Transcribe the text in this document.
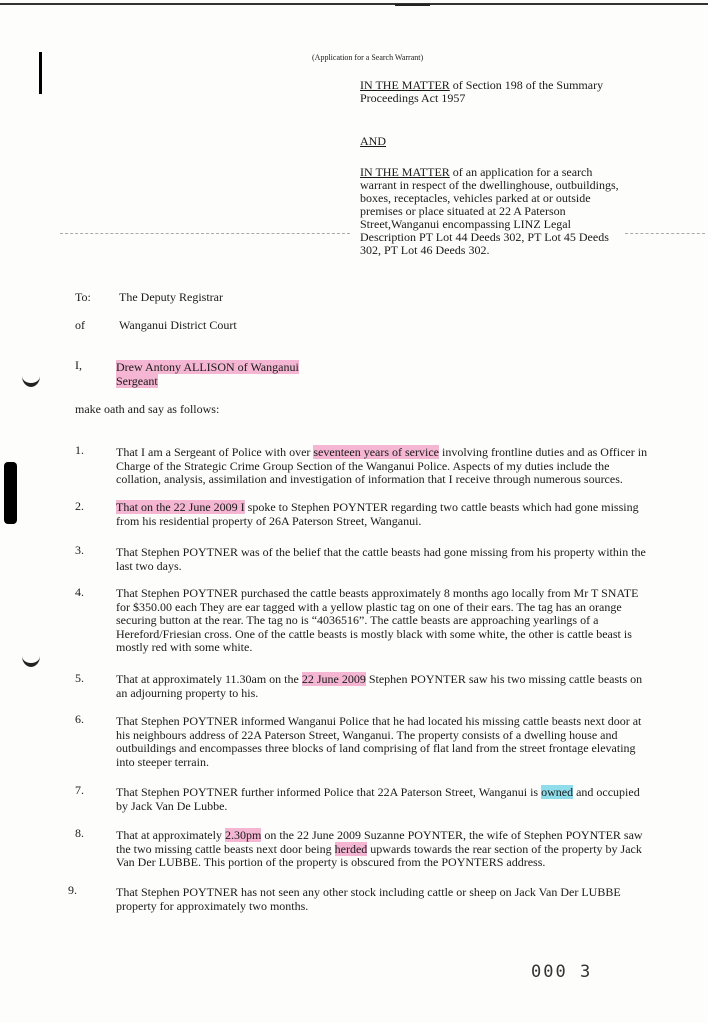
(Application for a Search Warrant)
IN THE MATTER of Section 198 of the Summary
Proceedings Act 1957
AND
IN THE MATTER of an application for a search
warrant in respect of the dwellinghouse, outbuildings,
boxes, receptacles, vehicles parked at or outside
premises or place situated at 22 A Paterson
Street,Wanganui encompassing LINZ Legal
Description PT Lot 44 Deeds 302, PT Lot 45 Deeds
302, PT Lot 46 Deeds 302.
To: The Deputy Registrar
of	Wanganui District Court
I,	Drew Antony ALLISON of Wanganui
Sergeant
make oath and say as follows:
1.	That I am a Sergeant of Police with over seventeen years of service involving frontline duties and as Officer in
Charge of the Strategic Crime Group Section of the Wanganui Police. Aspects of my duties include the
collation, analysis, assimilation and investigation of information that I receive through numerous sources.
2.	That on the 22 June 2009 I spoke to Stephen POYNTER regarding two cattle beasts which had gone missing
from his residential property of 26A Paterson Street, Wanganui.
3.	That Stephen POYTNER was of the belief that the cattle beasts had gone missing from his property within the
last two days.
4.	That Stephen POYTNER purchased the cattle beasts approximately 8 months ago locally from Mr T SNATE
for $350.00 each They are ear tagged with a yellow plastic tag on one of their ears. The tag has an orange
securing button at the rear. The tag no is “4036516”. The cattle beasts are approaching yearlings of a
Hereford/Friesian cross. One of the cattle beasts is mostly black with some white, the other is cattle beast is
mostly red with some white.
5.	That at approximately 11.30am on the 22 June 2009 Stephen POYNTER saw his two missing cattle beasts on
an adjourning property to his.
6.	That Stephen POYTNER informed Wanganui Police that he had located his missing cattle beasts next door at
his neighbours address of 22A Paterson Street, Wanganui. The property consists of a dwelling house and
outbuildings and encompasses three blocks of land comprising of flat land from the street frontage elevating
into steeper terrain.
7.	That Stephen POYTNER further informed Police that 22A Paterson Street, Wanganui is owned and occupied
by Jack Van De Lubbe.
8.	That at approximately 2.30pm on the 22 June 2009 Suzanne POYNTER, the wife of Stephen POYNTER saw
the two missing cattle beasts next door being herded upwards towards the rear section of the property by Jack
Van Der LUBBE. This portion of the property is obscured from the POYNTERS address.
9.	That Stephen POYTNER has not seen any other stock including cattle or sheep on Jack Van Der LUBBE
property for approximately two months.
000 3
